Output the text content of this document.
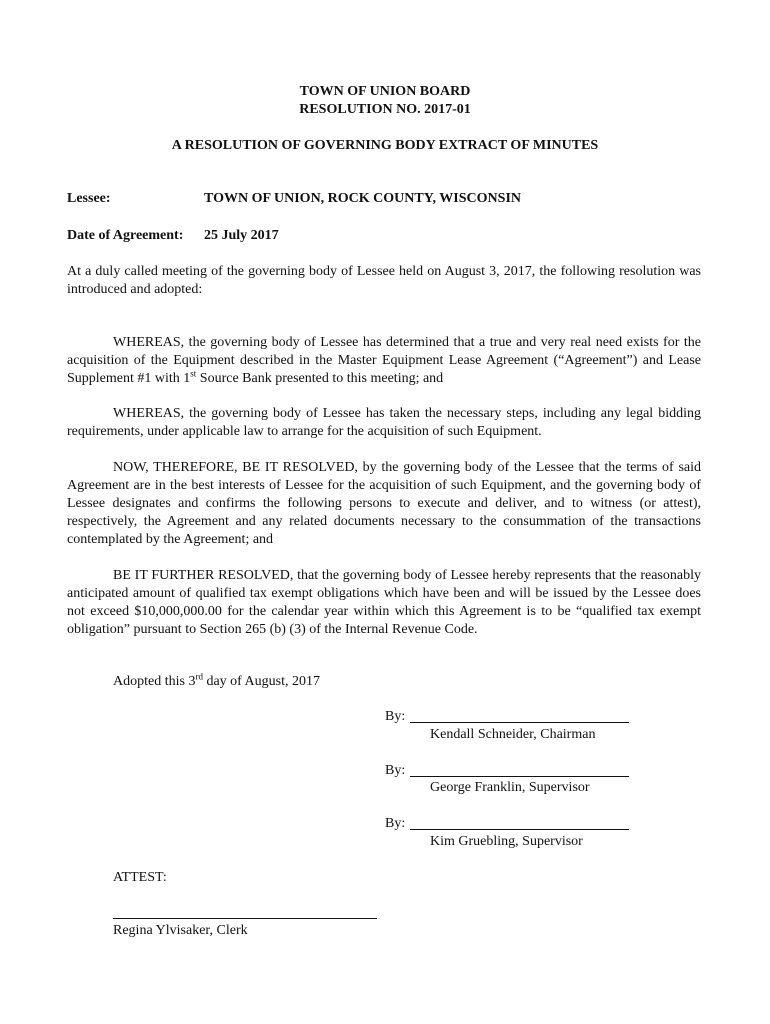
TOWN OF UNION BOARD
RESOLUTION NO. 2017-01
A RESOLUTION OF GOVERNING BODY EXTRACT OF MINUTES
Lessee:	TOWN OF UNION, ROCK COUNTY, WISCONSIN
Date of Agreement: 25 July 2017
At a duly called meeting of the governing body of Lessee held on August 3, 2017, the following resolution was introduced and adopted:
WHEREAS, the governing body of Lessee has determined that a true and very real need exists for the acquisition of the Equipment described in the Master Equipment Lease Agreement (“Agreement”) and Lease Supplement #1 with 1st Source Bank presented to this meeting; and
WHEREAS, the governing body of Lessee has taken the necessary steps, including any legal bidding requirements, under applicable law to arrange for the acquisition of such Equipment.
NOW, THEREFORE, BE IT RESOLVED, by the governing body of the Lessee that the terms of said Agreement are in the best interests of Lessee for the acquisition of such Equipment, and the governing body of Lessee designates and confirms the following persons to execute and deliver, and to witness (or attest), respectively, the Agreement and any related documents necessary to the consummation of the transactions contemplated by the Agreement; and
BE IT FURTHER RESOLVED, that the governing body of Lessee hereby represents that the reasonably anticipated amount of qualified tax exempt obligations which have been and will be issued by the Lessee does not exceed $10,000,000.00 for the calendar year within which this Agreement is to be “qualified tax exempt obligation” pursuant to Section 265 (b) (3) of the Internal Revenue Code.
Adopted this 3rd day of August, 2017
By:
Kendall Schneider, Chairman
By:
George Franklin, Supervisor
By:
Kim Gruebling, Supervisor
ATTEST:
Regina Ylvisaker, Clerk
